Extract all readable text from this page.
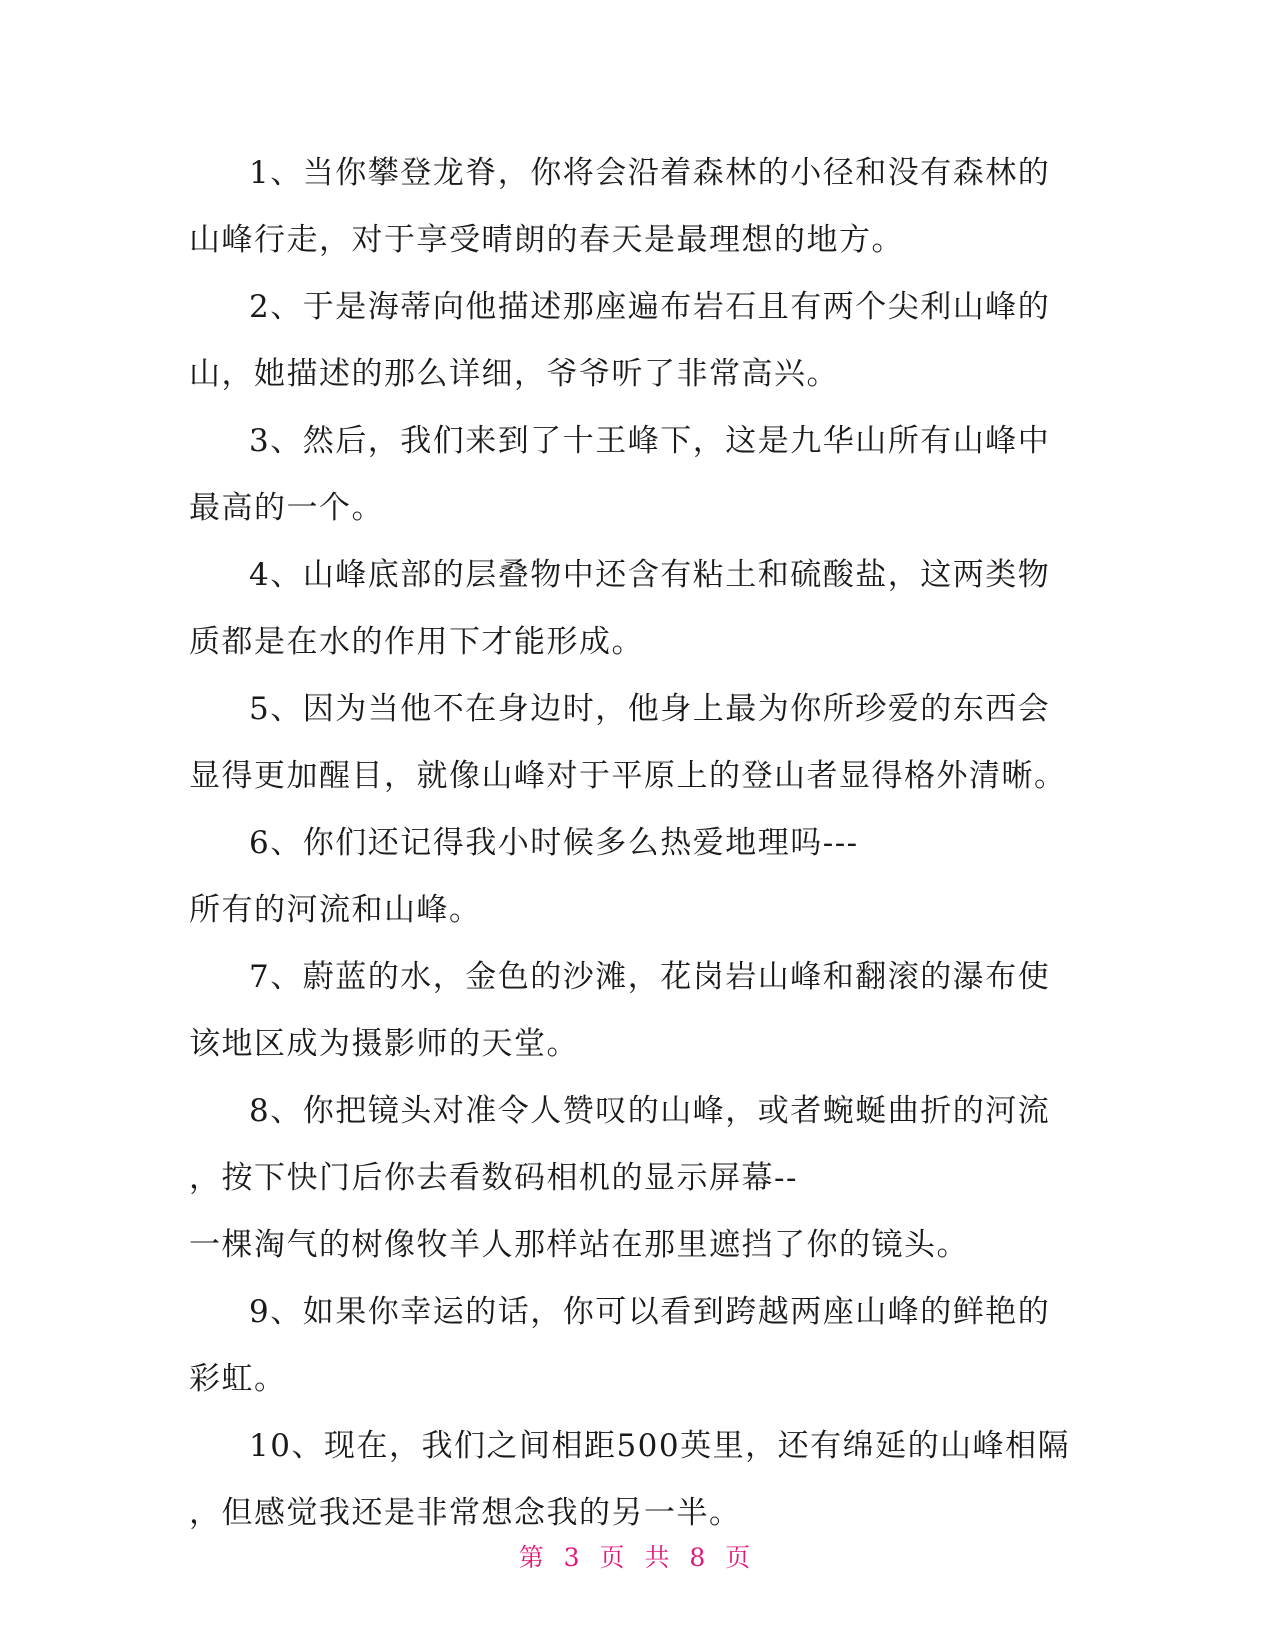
1、当你攀登龙脊，你将会沿着森林的小径和没有森林的

山峰行走，对于享受晴朗的春天是最理想的地方。

2、于是海蒂向他描述那座遍布岩石且有两个尖利山峰的

山，她描述的那么详细，爷爷听了非常高兴。

3、然后，我们来到了十王峰下，这是九华山所有山峰中

最高的一个。

4、山峰底部的层叠物中还含有粘土和硫酸盐，这两类物

质都是在水的作用下才能形成。

5、因为当他不在身边时，他身上最为你所珍爱的东西会

显得更加醒目，就像山峰对于平原上的登山者显得格外清晰。

6、你们还记得我小时候多么热爱地理吗---

所有的河流和山峰。

7、蔚蓝的水，金色的沙滩，花岗岩山峰和翻滚的瀑布使

该地区成为摄影师的天堂。

8、你把镜头对准令人赞叹的山峰，或者蜿蜒曲折的河流

，按下快门后你去看数码相机的显示屏幕--

一棵淘气的树像牧羊人那样站在那里遮挡了你的镜头。

9、如果你幸运的话，你可以看到跨越两座山峰的鲜艳的

彩虹。

10、现在，我们之间相距500英里，还有绵延的山峰相隔

，但感觉我还是非常想念我的另一半。

第 3 页 共 8 页
